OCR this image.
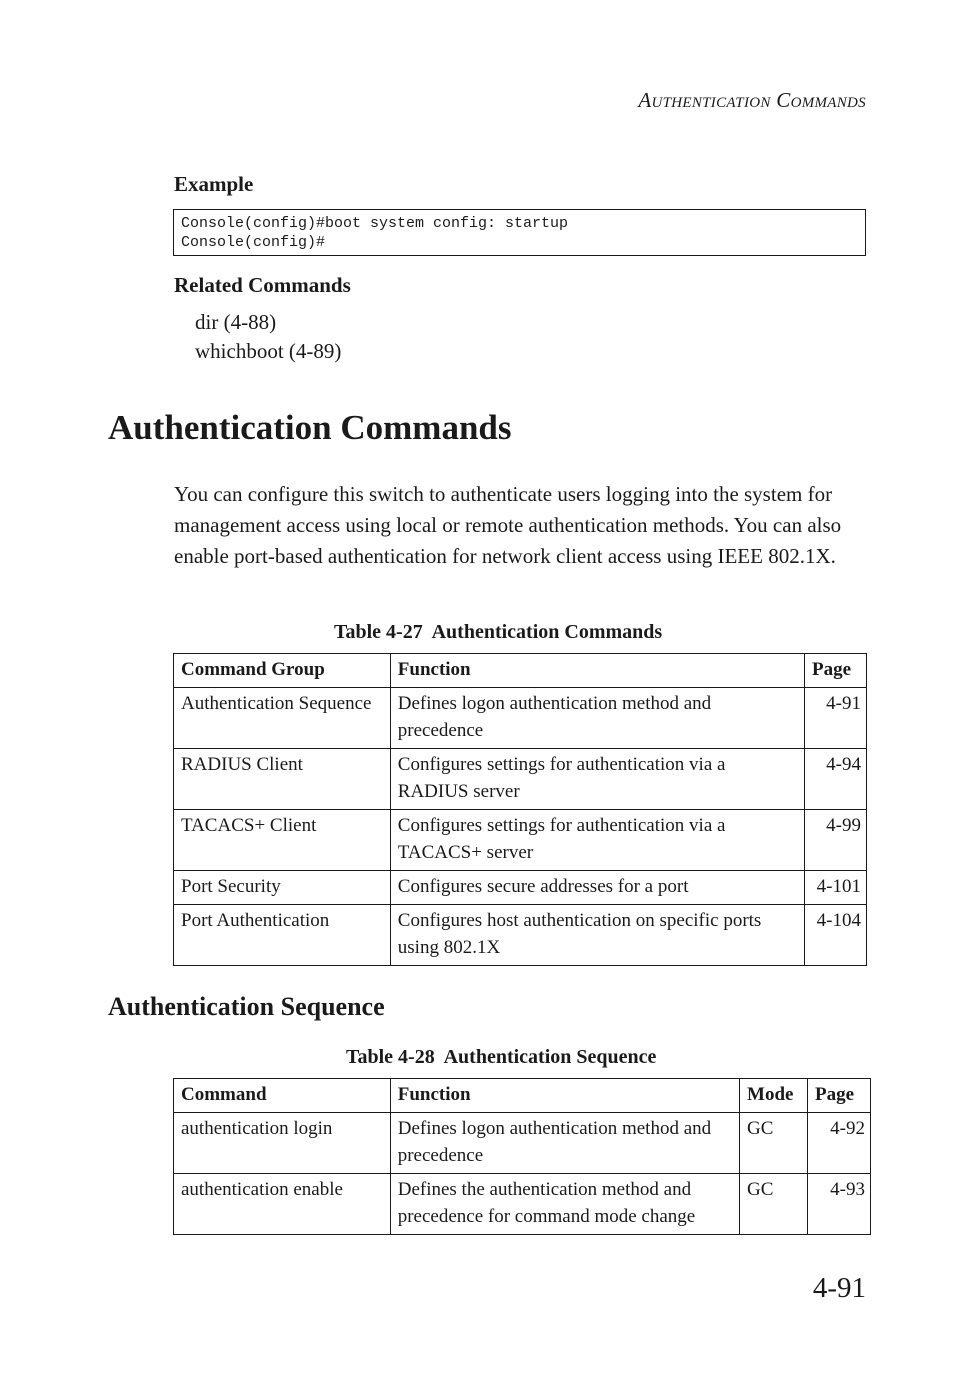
AUTHENTICATION COMMANDS
Example
Console(config)#boot system config: startup
Console(config)#
Related Commands
dir (4-88)
whichboot (4-89)
Authentication Commands
You can configure this switch to authenticate users logging into the system for management access using local or remote authentication methods. You can also enable port-based authentication for network client access using IEEE 802.1X.
Table 4-27  Authentication Commands
Command Group	Function	Page
Authentication Sequence	Defines logon authentication method and precedence	4-91
RADIUS Client	Configures settings for authentication via a RADIUS server	4-94
TACACS+ Client	Configures settings for authentication via a TACACS+ server	4-99
Port Security	Configures secure addresses for a port	4-101
Port Authentication	Configures host authentication on specific ports using 802.1X	4-104
Authentication Sequence
Table 4-28  Authentication Sequence
Command	Function	Mode	Page
authentication login	Defines logon authentication method and precedence	GC	4-92
authentication enable	Defines the authentication method and precedence for command mode change	GC	4-93
4-91
